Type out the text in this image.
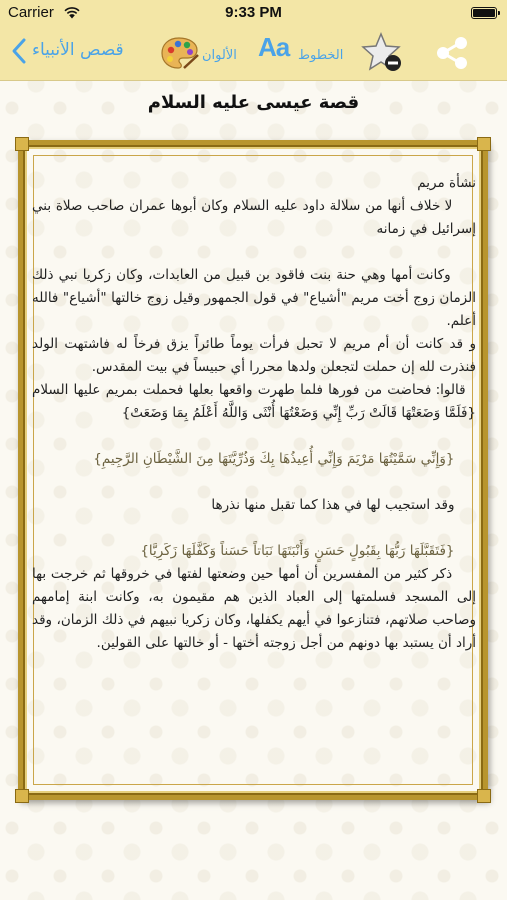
Carrier	9:33 PM
Aa الخطوط
الألوان
قصص الأنبياء
قصة عيسى عليه السلام

نشأة مريم
لا خلاف أنها من سلالة داود عليه السلام وكان أبوها عمران صاحب صلاة بني إسرائيل في زمانه

وكانت أمها وهي حنة بنت فاقود بن قبيل من العابدات، وكان زكريا نبي ذلك الزمان زوج أخت مريم "أشياع" في قول الجمهور وقيل زوج خالتها "أشياع" فالله أعلم.

و قد كانت أن أم مريم لا تحبل فرأت يوماً طائراً يزق فرخاً له فاشتهت الولد فنذرت لله إن حملت لتجعلن ولدها محررا أي حبيساً في بيت المقدس.

قالوا: فحاضت من فورها فلما طهرت واقعها بعلها فحملت بمريم عليها السلام {فَلَمَّا وَضَعَتْهَا قَالَتْ رَبِّ إِنِّي وَضَعْتُهَا أُنْثَى وَاللَّهُ أَعْلَمُ بِمَا وَضَعَتْ}

{وَإِنِّي سَمَّيْتُهَا مَرْيَمَ وَإِنِّي أُعِيذُهَا بِكَ وَذُرِّيَّتَهَا مِنَ الشَّيْطَانِ الرَّجِيمِ}

وقد استجيب لها في هذا كما تقبل منها نذرها

{فَتَقَبَّلَهَا رَبُّهَا بِقَبُولٍ حَسَنٍ وَأَنْبَتَهَا نَبَاتاً حَسَناً وَكَفَّلَهَا زَكَرِيَّا}

ذكر كثير من المفسرين أن أمها حين وضعتها لفتها في خروقها ثم خرجت بها إلى المسجد فسلمتها إلى العباد الذين هم مقيمون به، وكانت ابنة إمامهم وصاحب صلاتهم، فتنازعوا في أيهم يكفلها، وكان زكريا نبيهم في ذلك الزمان، وقد أراد أن يستبد بها دونهم من أجل زوجته أختها - أو خالتها على القولين.
